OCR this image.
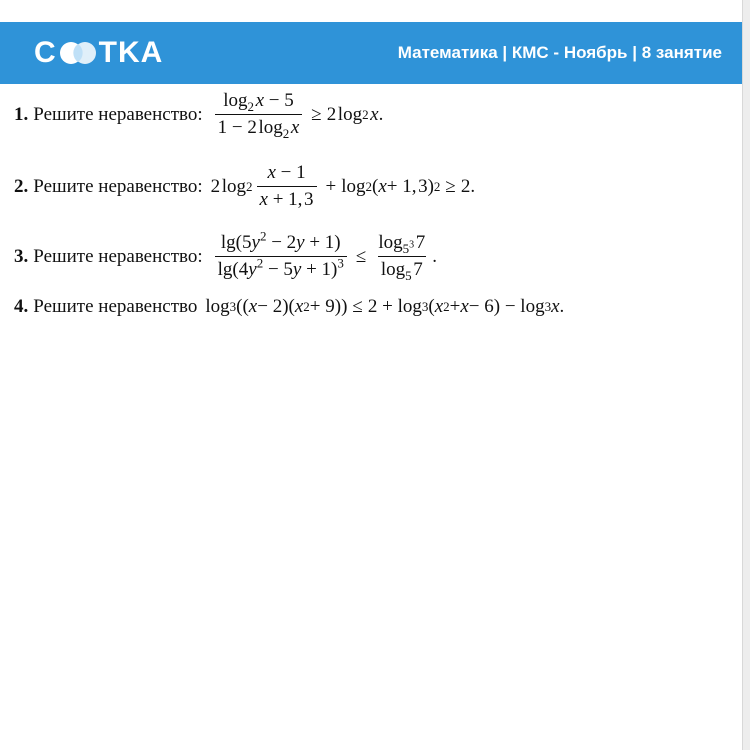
C TKA	Математика | КМС - Ноябрь | 8 занятие
1. Решите неравенство: $\frac{\log_2 x - 5}{1 - 2 \log_2 x} \ge 2$ log 2
  x .
2. Решите неравенство: 2 $\log 2 \frac{x - 1}{x + 1, 3} + \log 2$ ( x + 1, 3) 2 ≥ 2.
3. Решите неравенство: $\frac{\lg(5y^2 - 2y + 1)}{\lg(4y^2 - 5y + 1)^3} \le \frac{\log_{5^3} 7}{\log_5 7}$ .
4. Решите неравенство log 3 (( x − 2)( x 2 + 9)) ≤ 2 + log 3 ( x 2 + x − 6) − log 3 x .
